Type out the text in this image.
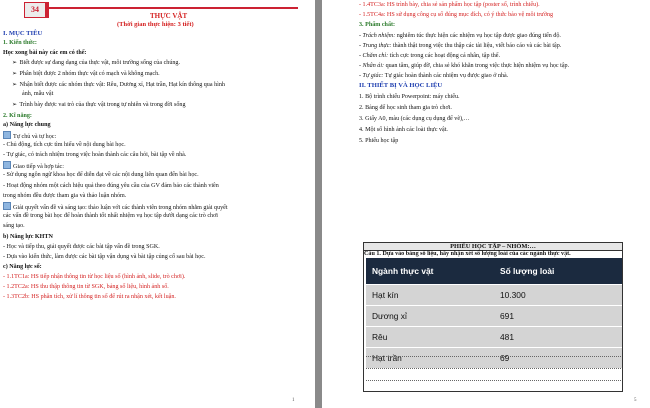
34
THỰC VẬT
(Thời gian thực hiện: 3 tiết)
I. MỤC TIÊU
1. Kiến thức:
Học xong bài này các em có thể:
➢ Biết được sự đang dạng của thực vật, môi trường sống của chúng.
➢ Phân biệt được 2 nhóm thực vật có mạch và không mạch.
➢ Nhận biết được các nhóm thực vật: Rêu, Dương xỉ, Hạt trần, Hạt kín thông qua hình
ảnh, mẫu vật
➢ Trình bày được vai trò của thực vật trong tự nhiên và trong đời sống
2. Kĩ năng:
a) Năng lực chung
Tự chủ và tự học:
- Chủ động, tích cực tìm hiểu về nội dung bài học.
- Tự giác, có trách nhiệm trong việc hoàn thành các câu hỏi, bài tập về nhà.
Giao tiếp và hợp tác:
- Sử dụng ngôn ngữ khoa học để diễn đạt về các nội dung liên quan đến bài học.
- Hoạt động nhóm một cách hiệu quả theo đúng yêu cầu của GV đảm bảo các thành viên
trong nhóm đều được tham gia và thảo luận nhóm.
Giải quyết vấn đề và sáng tạo: thảo luận với các thành viên trong nhóm nhằm giải quyết
các vấn đề trong bài học để hoàn thành tốt nhất nhiệm vụ học tập dưới dạng các trò chơi
sáng tạo.
b) Năng lực KHTN
- Học và tiếp thu, giải quyết được các bài tập vấn đề trong SGK.
- Dựa vào kiến thức, làm được các bài tập vận dụng và bài tập củng cố sau bài học.
c) Năng lực số:
- 1.1TC1a: HS tiếp nhận thông tin từ học liệu số (hình ảnh, slide, trò chơi).
- 1.2TC2a: HS thu thập thông tin từ SGK, bảng số liệu, hình ảnh số.
- 1.3TC2b: HS phân tích, xử lí thông tin số để rút ra nhận xét, kết luận.
1
- 1.4TC3a: HS trình bày, chia sẻ sản phẩm học tập (poster số, trình chiếu).
- 1.5TC4a: HS sử dụng công cụ số đúng mục đích, có ý thức bảo vệ môi trường
3. Phẩm chất:
- Trách nhiệm: nghiêm túc thực hiện các nhiệm vụ học tập được giao đúng tiến độ.
- Trung thực: thành thật trong việc thu thập các tài liệu, viết báo cáo và các bài tập.
- Chăm chỉ: tích cực trong các hoạt động cá nhân, tập thể.
- Nhân ái: quan tâm, giúp đỡ, chia sẻ khó khăn trong việc thực hiện nhiệm vụ học tập.
- Tự giác: Tự giác hoàn thành các nhiệm vụ được giao ở nhà.
II. THIẾT BỊ VÀ HỌC LIỆU
1. Bộ trình chiếu Powerpoint: máy chiếu.
2. Bảng để học sinh tham gia trò chơi.
3. Giấy A0, màu (các dụng cụ dụng để vẽ),…
4. Một số hình ảnh các loài thực vật.
5. Phiếu học tập
5
PHIẾU HỌC TẬP – NHÓM:…
Câu 1. Dựa vào bảng số liệu, hãy nhận xét số lượng loài của các ngành thực vật.
Ngành thực vật	Số lượng loài
Hạt kín	10.300
Dương xỉ	691
Rêu	481
Hạt trần	69
